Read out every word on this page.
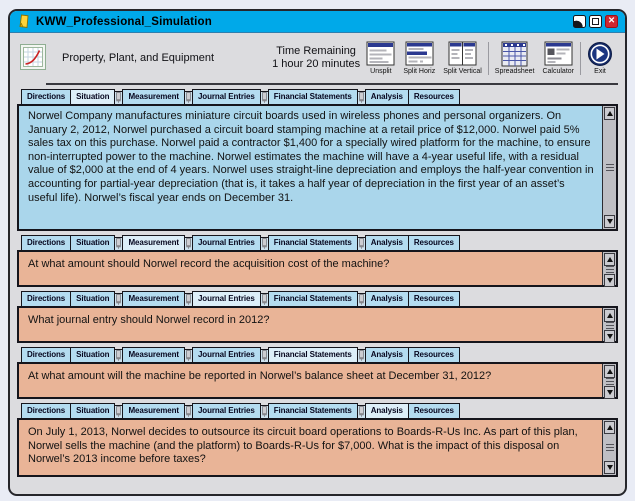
KWW_Professional_Simulation	✕
Property, Plant, and Equipment
Time Remaining
1 hour 20 minutes
Unsplit Split Horiz Split Vertical Spreadsheet Calculator	Exit
Directions	Situation	Measurement	Journal Entries	Financial Statements	Analysis	Resources
Norwel Company manufactures miniature circuit boards used in wireless phones and personal organizers. On January 2, 2012, Norwel purchased a circuit board stamping machine at a retail price of $12,000. Norwel paid 5% sales tax on this purchase. Norwel paid a contractor $1,400 for a specially wired platform for the machine, to ensure non-interrupted power to the machine. Norwel estimates the machine will have a 4-year useful life, with a residual value of $2,000 at the end of 4 years. Norwel uses straight-line depreciation and employs the half-year convention in accounting for partial-year depreciation (that is, it takes a half year of depreciation in the first year of an asset’s useful life). Norwel’s fiscal year ends on December 31.
Directions	Situation	Measurement	Journal Entries	Financial Statements	Analysis	Resources
At what amount should Norwel record the acquisition cost of the machine?
Directions	Situation	Measurement	Journal Entries	Financial Statements	Analysis	Resources
What journal entry should Norwel record in 2012?
Directions	Situation	Measurement	Journal Entries	Financial Statements	Analysis	Resources
At what amount will the machine be reported in Norwel’s balance sheet at December 31, 2012?
Directions	Situation	Measurement	Journal Entries	Financial Statements	Analysis	Resources
On July 1, 2013, Norwel decides to outsource its circuit board operations to Boards-R-Us Inc. As part of this plan, Norwel sells the machine (and the platform) to Boards-R-Us for $7,000. What is the impact of this disposal on Norwel’s 2013 income before taxes?
